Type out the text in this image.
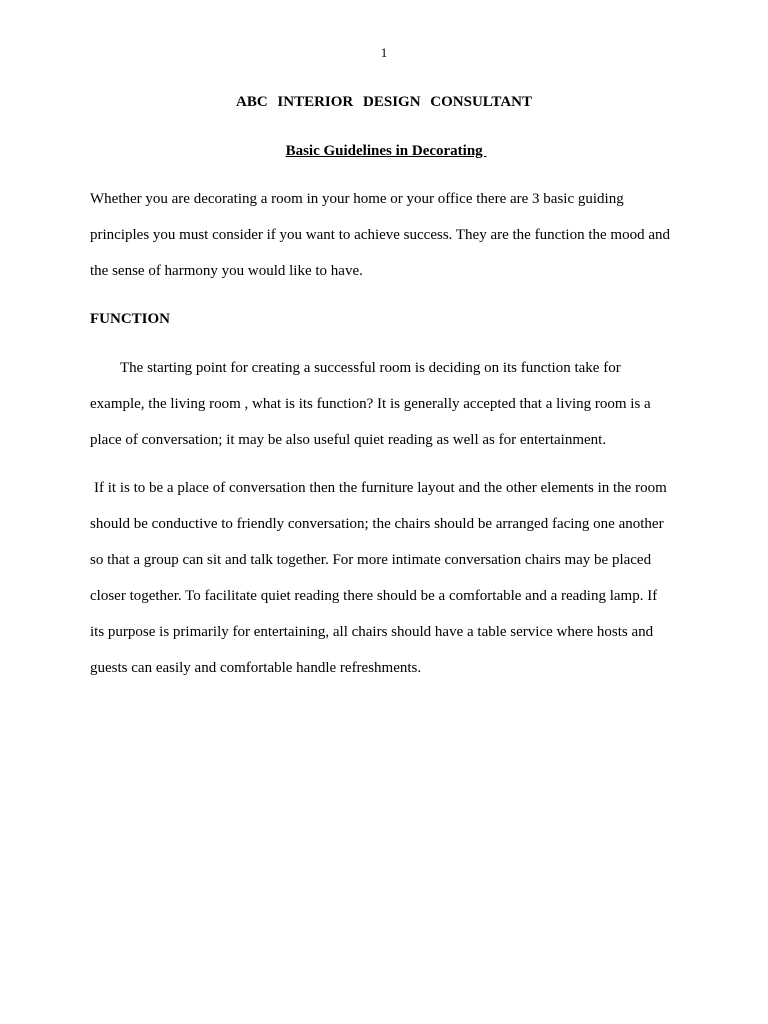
1
ABC INTERIOR DESIGN CONSULTANT
Basic Guidelines in Decorating

Whether you are decorating a room in your home or your office there are 3 basic guiding
principles you must consider if you want to achieve success. They are the function the mood and
the sense of harmony you would like to have.

FUNCTION

The starting point for creating a successful room is deciding on its function take for
example, the living room , what is its function? It is generally accepted that a living room is a
place of conversation; it may be also useful quiet reading as well as for entertainment.

If it is to be a place of conversation then the furniture layout and the other elements in the room
should be conductive to friendly conversation; the chairs should be arranged facing one another
so that a group can sit and talk together. For more intimate conversation chairs may be placed
closer together. To facilitate quiet reading there should be a comfortable and a reading lamp. If
its purpose is primarily for entertaining, all chairs should have a table service where hosts and
guests can easily and comfortable handle refreshments.
